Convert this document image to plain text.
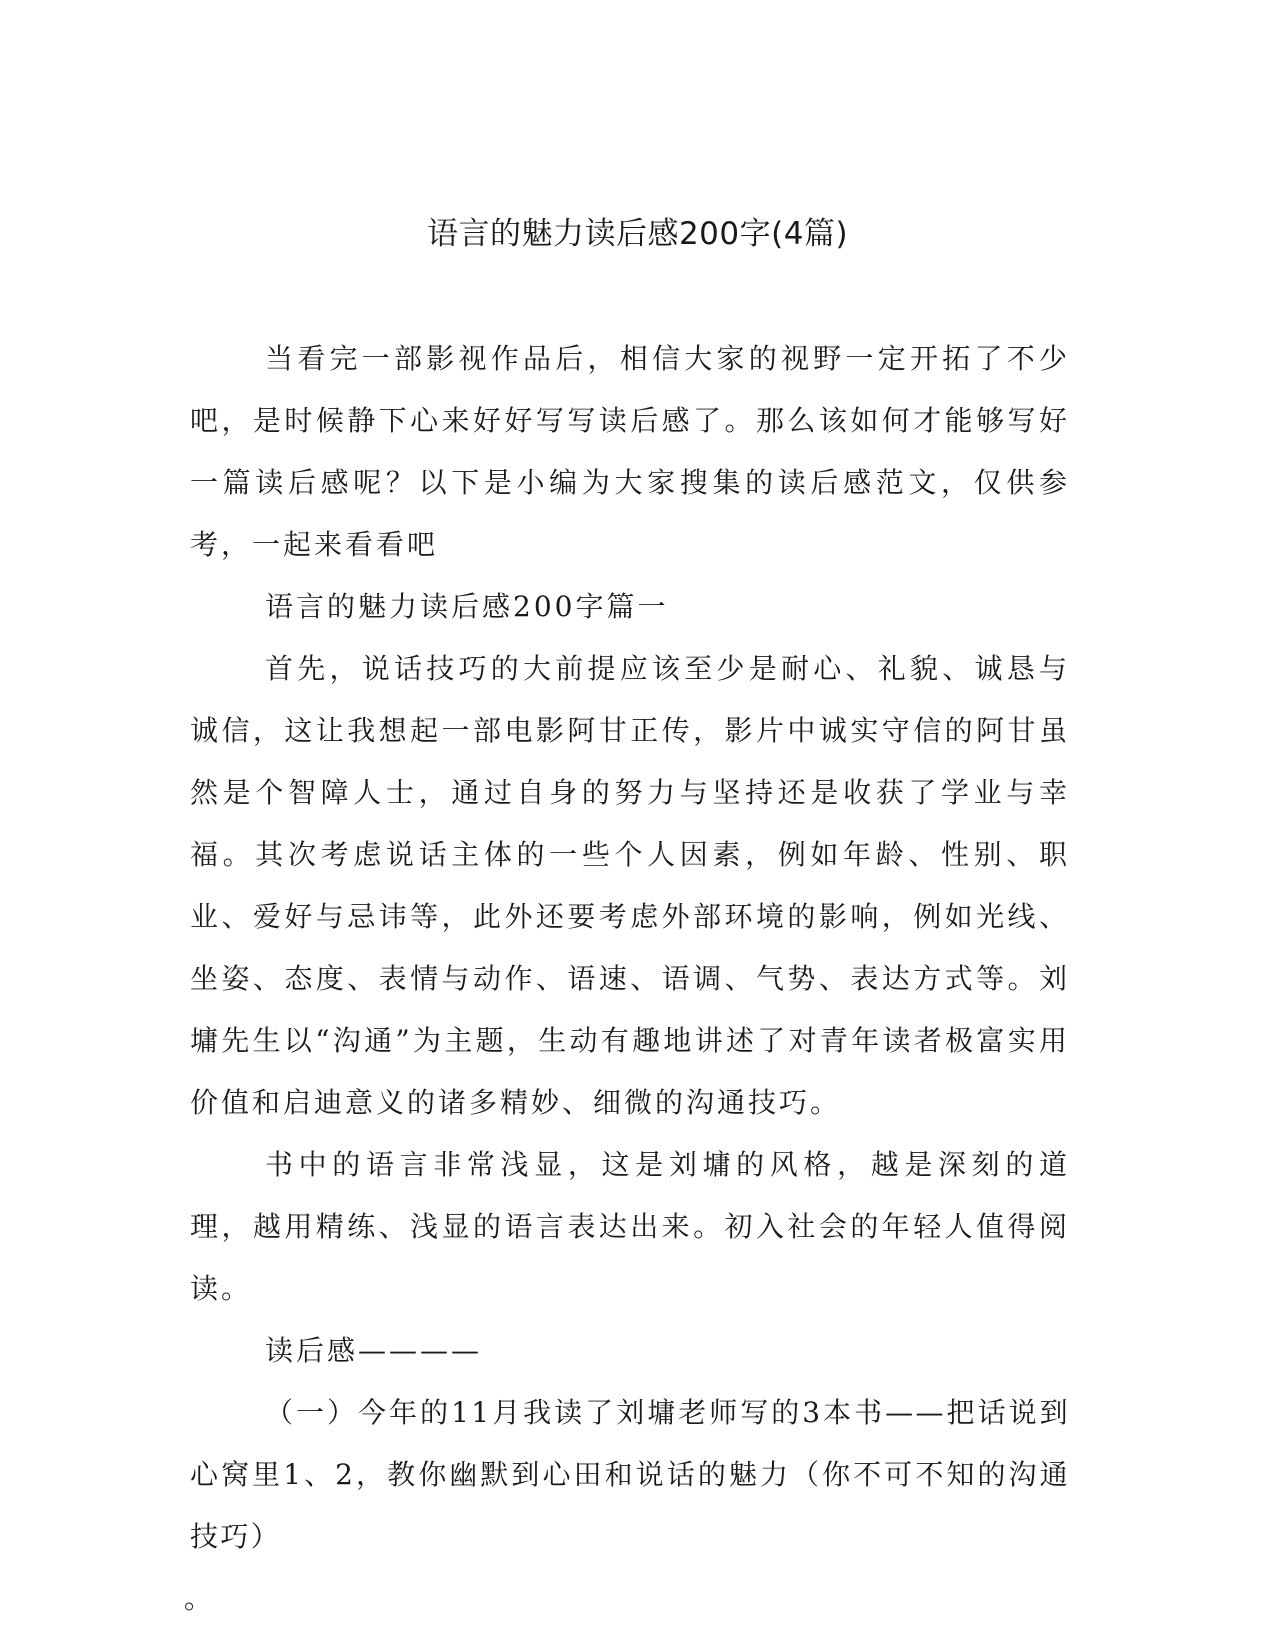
语言的魅力读后感200字(4篇)

当看完一部影视作品后，相信大家的视野一定开拓了不少吧，是时候静下心来好好写写读后感了。那么该如何才能够写好一篇读后感呢？以下是小编为大家搜集的读后感范文，仅供参考，一起来看看吧

语言的魅力读后感200字篇一

首先，说话技巧的大前提应该至少是耐心、礼貌、诚恳与诚信，这让我想起一部电影阿甘正传，影片中诚实守信的阿甘虽然是个智障人士，通过自身的努力与坚持还是收获了学业与幸福。其次考虑说话主体的一些个人因素，例如年龄、性别、职业、爱好与忌讳等，此外还要考虑外部环境的影响，例如光线、坐姿、态度、表情与动作、语速、语调、气势、表达方式等。刘墉先生以“沟通”为主题，生动有趣地讲述了对青年读者极富实用价值和启迪意义的诸多精妙、细微的沟通技巧。

书中的语言非常浅显，这是刘墉的风格，越是深刻的道理，越用精练、浅显的语言表达出来。初入社会的年轻人值得阅读。

读后感————

（一）今年的11月我读了刘墉老师写的3本书——把话说到心窝里1、2，教你幽默到心田和说话的魅力（你不可不知的沟通技巧）

。
